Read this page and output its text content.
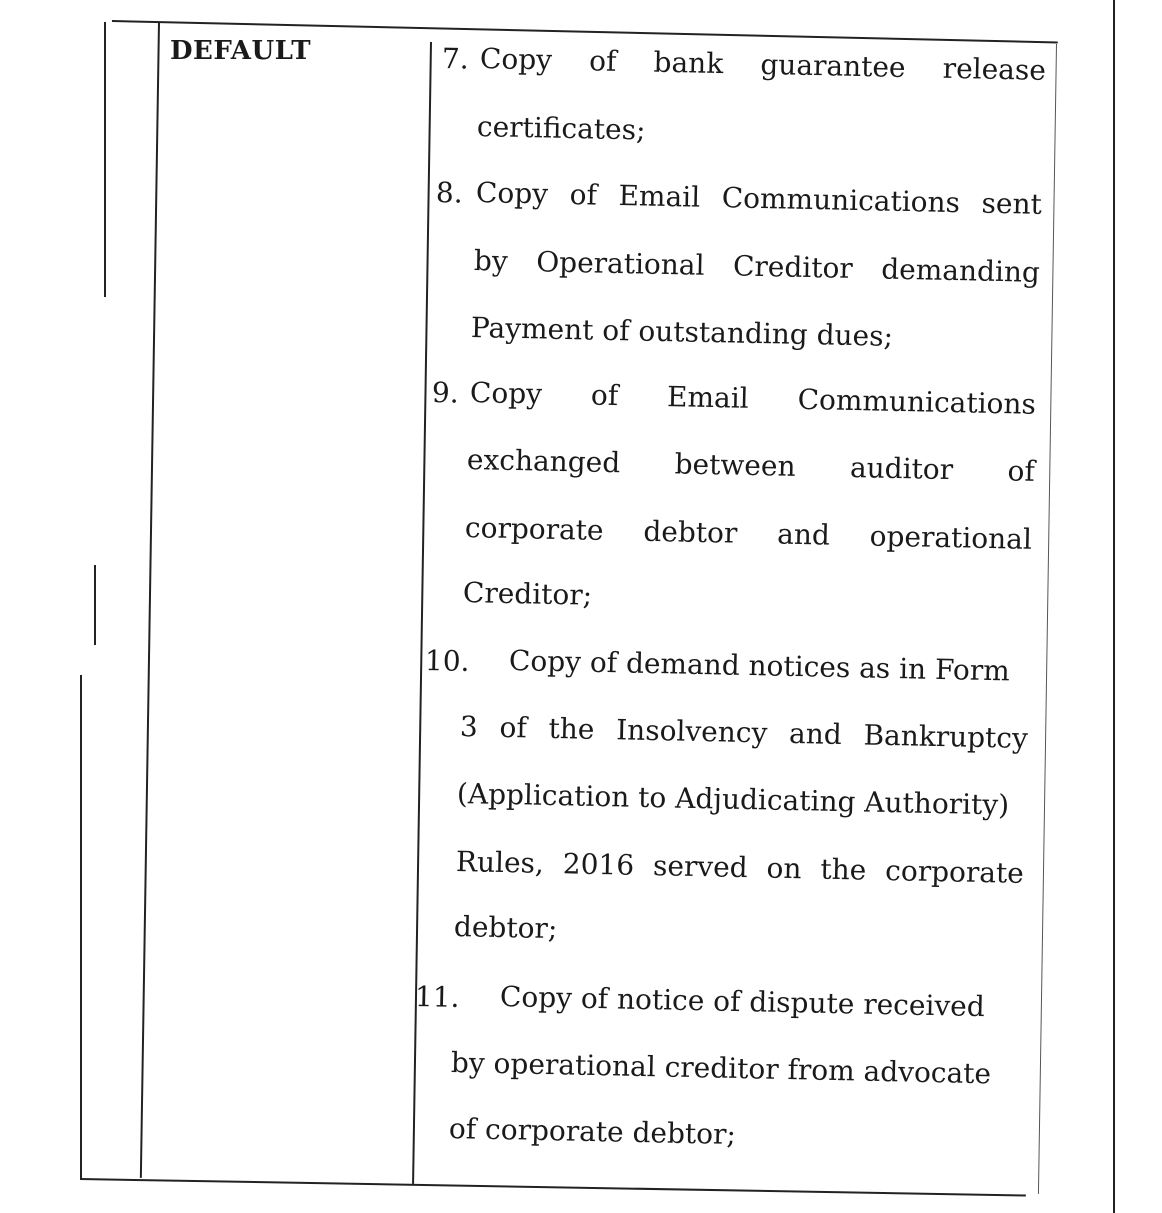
DEFAULT	7. Copy of bank guarantee release
certificates;
8. Copy of Email Communications sent
by Operational Creditor demanding
Payment of outstanding dues;
9. Copy of Email Communications
exchanged between auditor of
corporate debtor and operational
Creditor;
10. Copy of demand notices as in Form
3 of the Insolvency and Bankruptcy
(Application to Adjudicating Authority)
Rules, 2016 served on the corporate
debtor;
11. Copy of notice of dispute received
by operational creditor from advocate
of corporate debtor;
